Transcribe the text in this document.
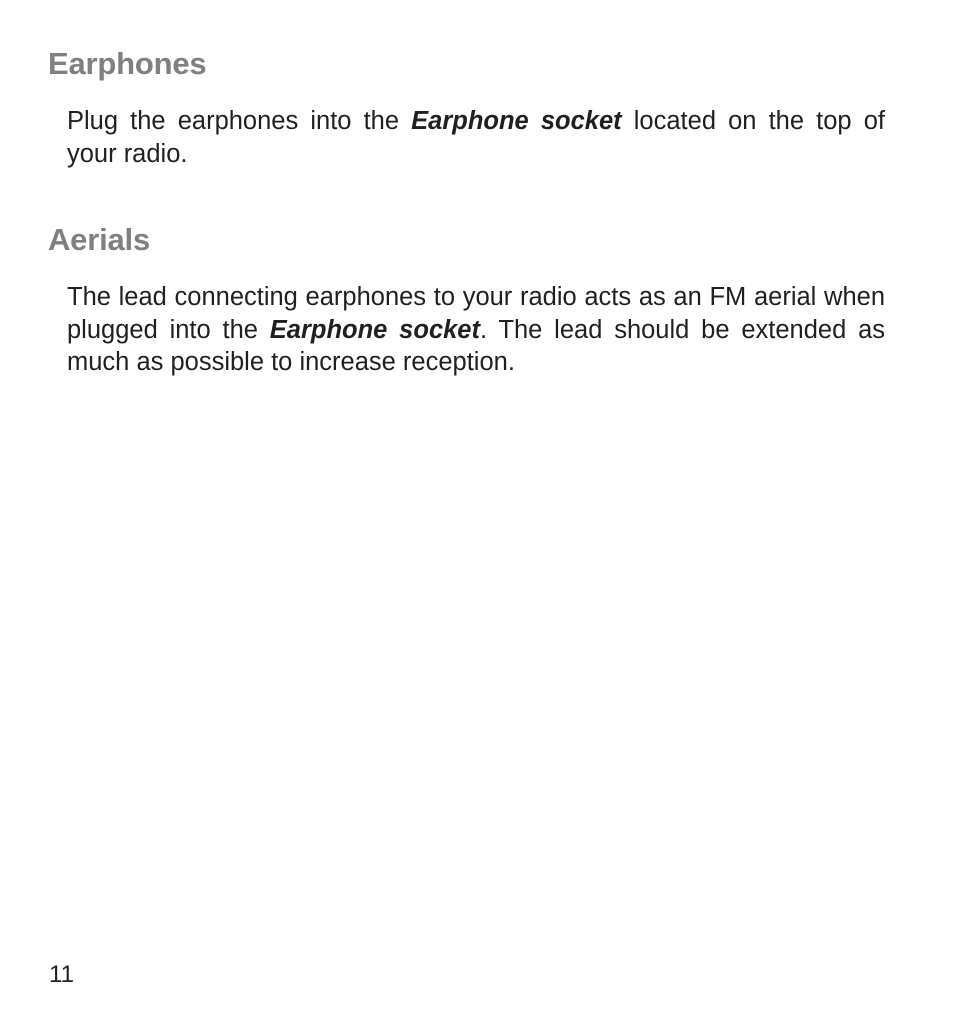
Earphones

Plug the earphones into the Earphone socket located on the top of your radio.

Aerials

The lead connecting earphones to your radio acts as an FM aerial when plugged into the Earphone socket. The lead should be extended as much as possible to increase reception.

11
